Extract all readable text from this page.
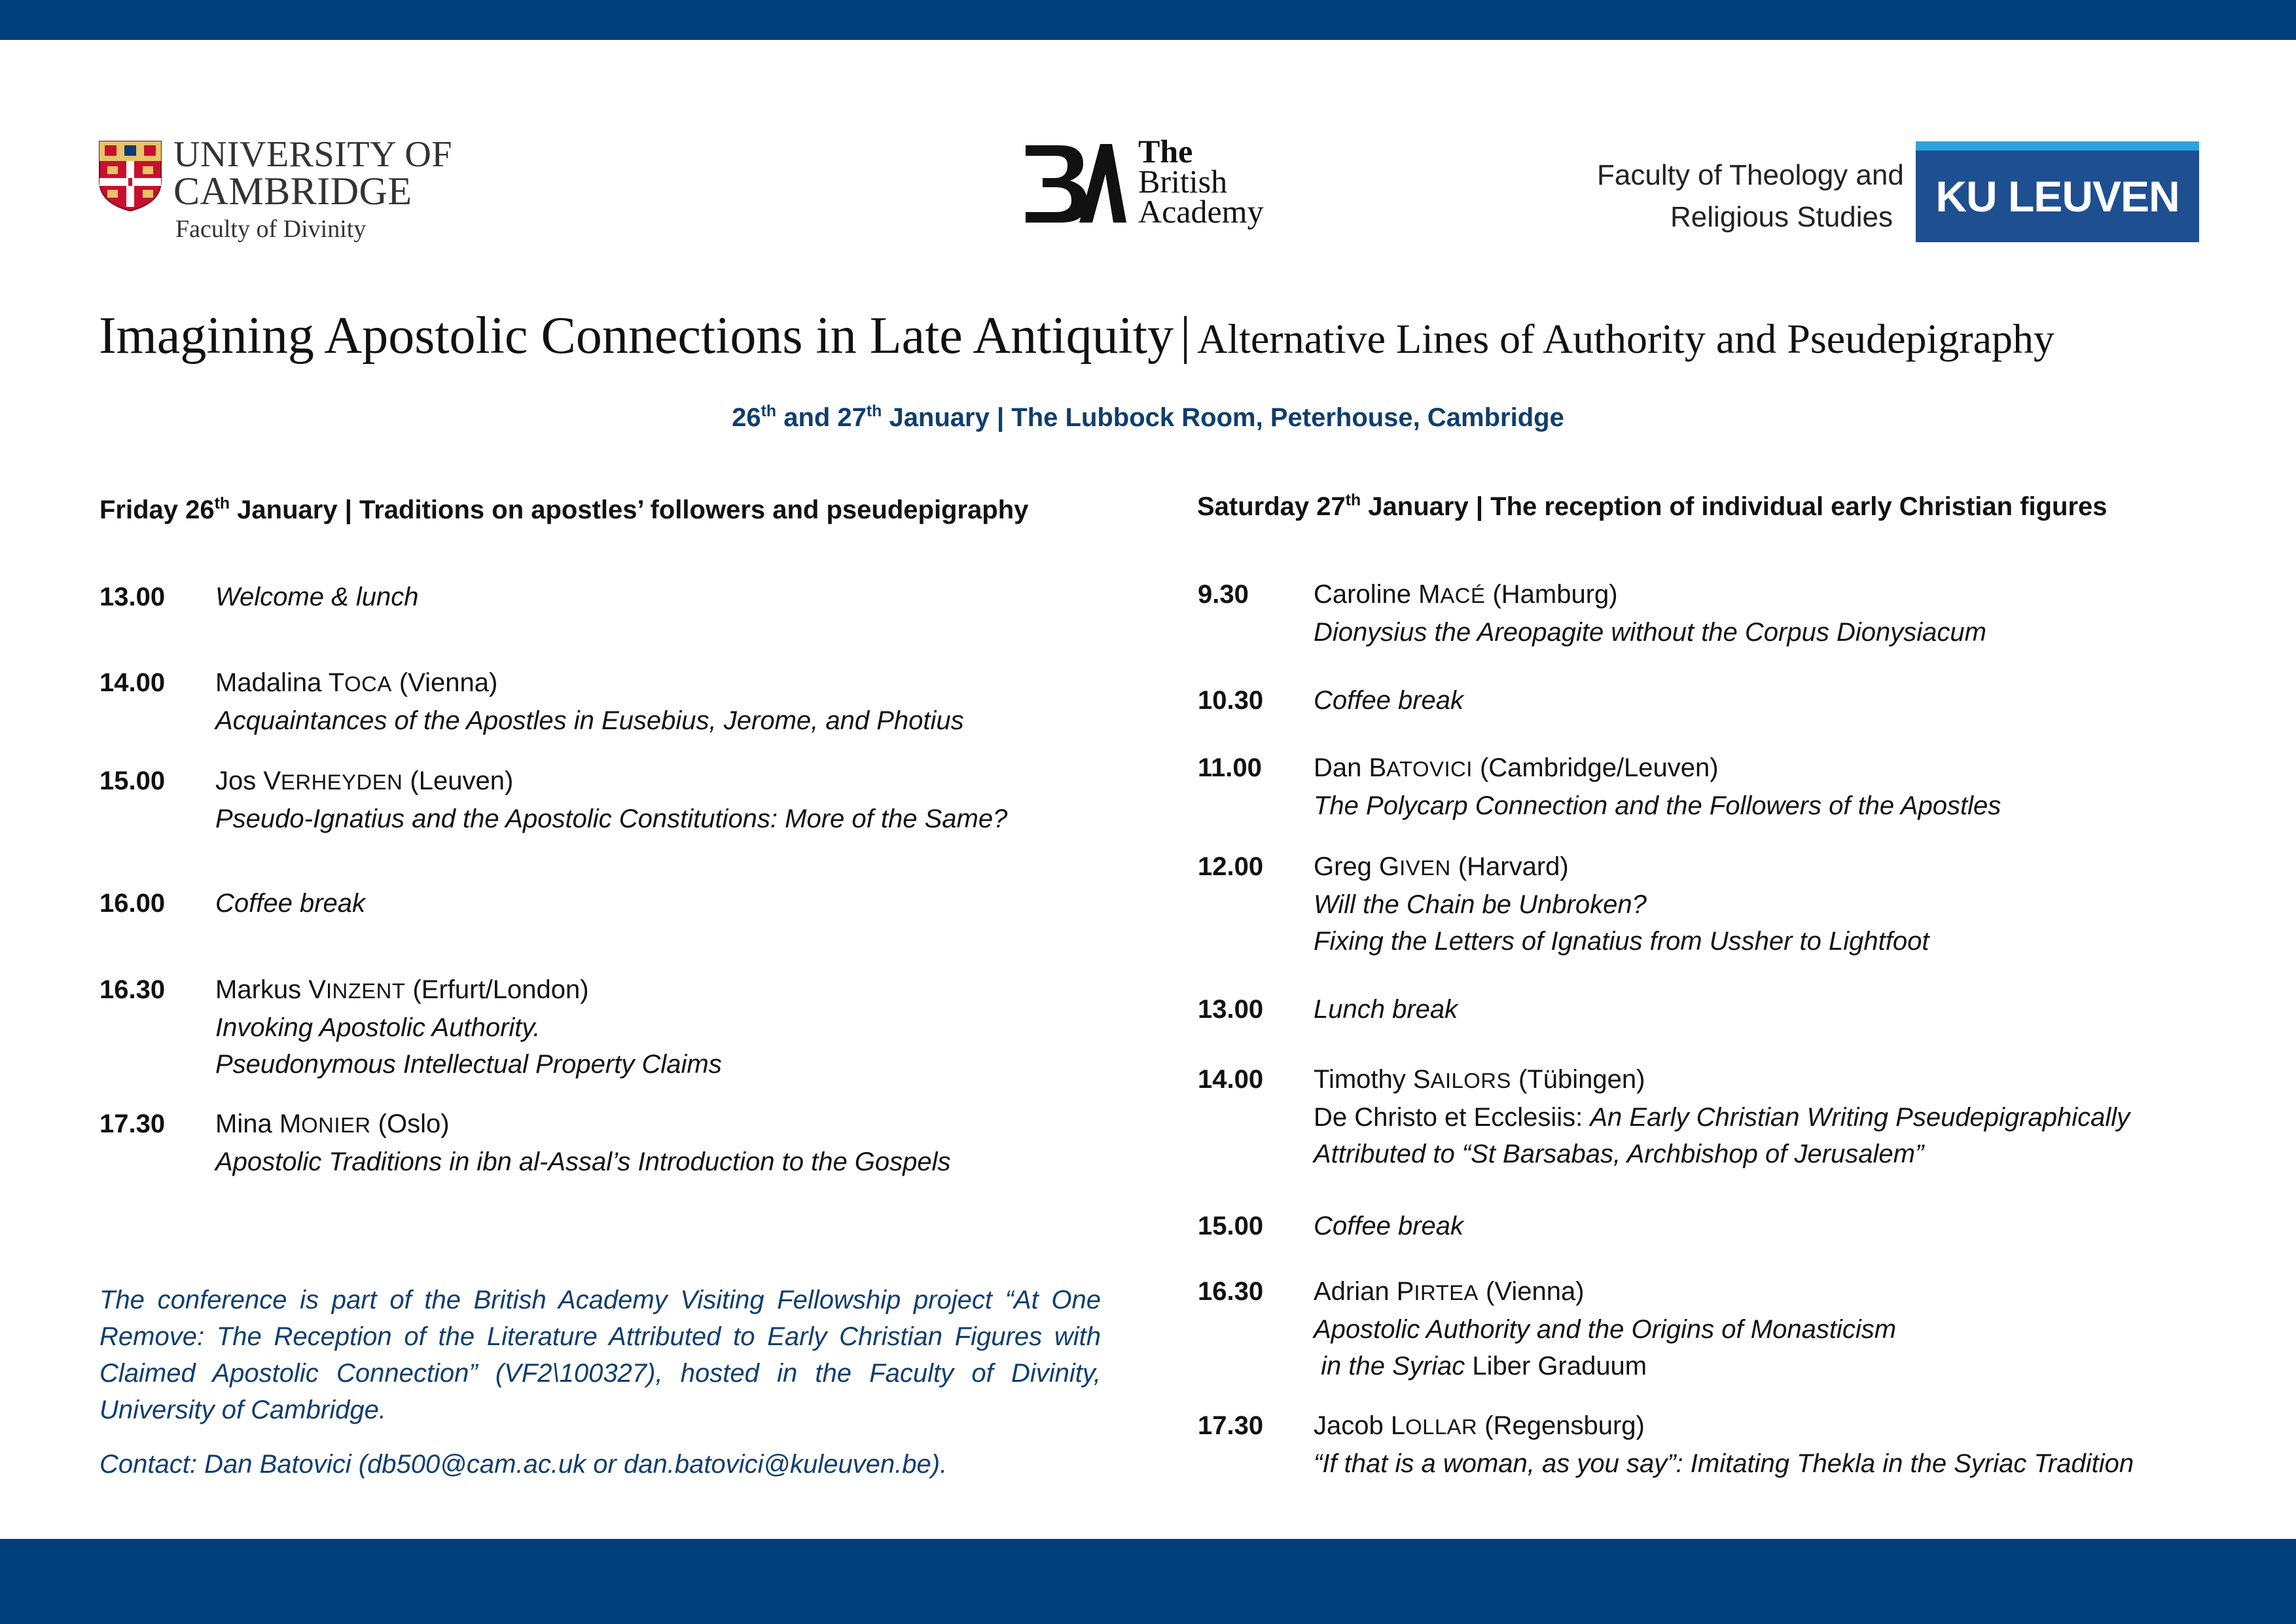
UNIVERSITY OF
CAMBRIDGE
Faculty of Divinity
The
British
Academy
Faculty of Theology and
Religious Studies KU LEUVEN
Imagining Apostolic Connections in Late Antiquity | Alternative Lines of Authority and Pseudepigraphy
26th and 27th January | The Lubbock Room, Peterhouse, Cambridge
Friday 26th January | Traditions on apostles’ followers and pseudepigraphy
13.00 Welcome & lunch
14.00 Madalina TOCA (Vienna)
Acquaintances of the Apostles in Eusebius, Jerome, and Photius
15.00 Jos VERHEYDEN (Leuven)
Pseudo-Ignatius and the Apostolic Constitutions: More of the Same?
16.00 Coffee break
16.30 Markus VINZENT (Erfurt/London)
Invoking Apostolic Authority.
Pseudonymous Intellectual Property Claims
17.30 Mina MONIER (Oslo)
Apostolic Traditions in ibn al-Assal’s Introduction to the Gospels
Saturday 27th January | The reception of individual early Christian figures
9.30 Caroline MACÉ (Hamburg)
Dionysius the Areopagite without the Corpus Dionysiacum
10.30 Coffee break
11.00 Dan BATOVICI (Cambridge/Leuven)
The Polycarp Connection and the Followers of the Apostles
12.00 Greg GIVEN (Harvard)
Will the Chain be Unbroken?
Fixing the Letters of Ignatius from Ussher to Lightfoot
13.00 Lunch break
14.00 Timothy SAILORS (Tübingen)
De Christo et Ecclesiis: An Early Christian Writing Pseudepigraphically
Attributed to “St Barsabas, Archbishop of Jerusalem”
15.00 Coffee break
16.30 Adrian PIRTEA (Vienna)
Apostolic Authority and the Origins of Monasticism
in the Syriac Liber Graduum
17.30 Jacob LOLLAR (Regensburg)
“If that is a woman, as you say”: Imitating Thekla in the Syriac Tradition
The conference is part of the British Academy Visiting Fellowship project “At One Remove: The Reception of the Literature Attributed to Early Christian Figures with Claimed Apostolic Connection” (VF2\100327), hosted in the Faculty of Divinity, University of Cambridge.
Contact: Dan Batovici (db500@cam.ac.uk or dan.batovici@kuleuven.be).
